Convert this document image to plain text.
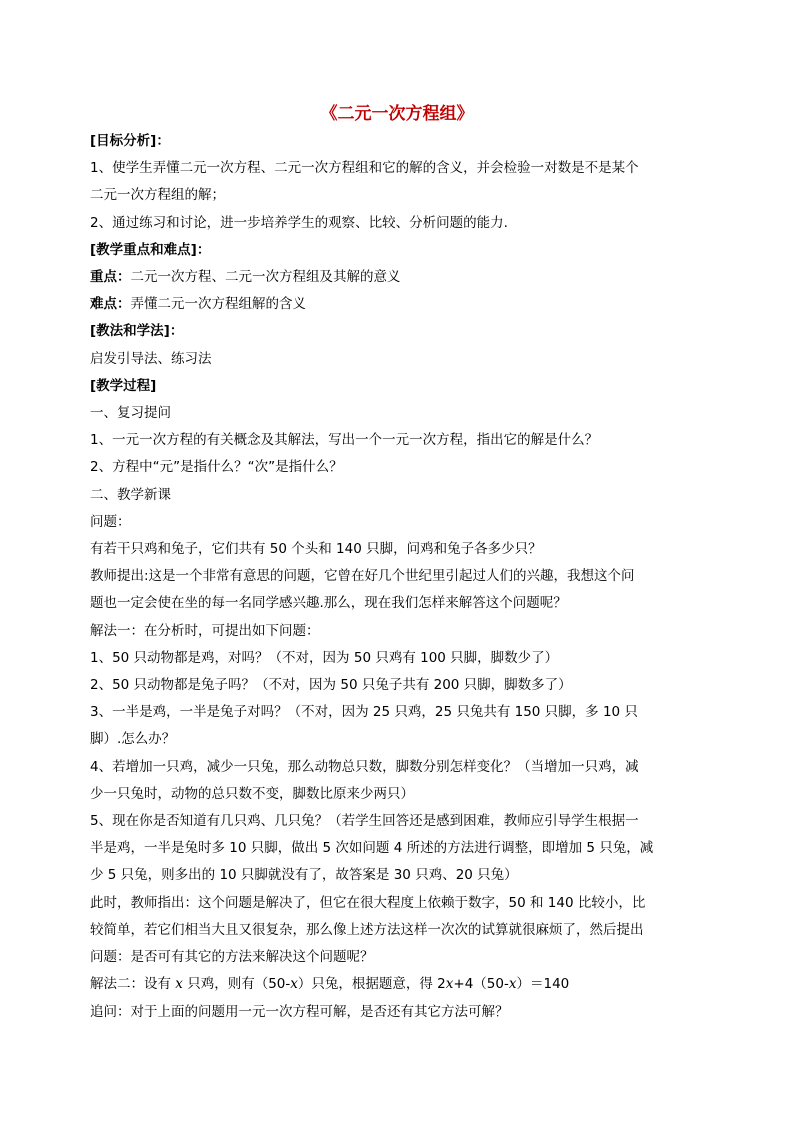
《二元一次方程组》

[目标分析]：

1、使学生弄懂二元一次方程、二元一次方程组和它的解的含义，并会检验一对数是不是某个

二元一次方程组的解；

2、通过练习和讨论，进一步培养学生的观察、比较、分析问题的能力.

[教学重点和难点]：

重点：二元一次方程、二元一次方程组及其解的意义

难点：弄懂二元一次方程组解的含义

[教法和学法]：

启发引导法、练习法

[教学过程]

一、复习提问

1、一元一次方程的有关概念及其解法，写出一个一元一次方程，指出它的解是什么？

2、方程中“元”是指什么？“次”是指什么？

二、教学新课

问题：

有若干只鸡和兔子，它们共有 50 个头和 140 只脚，问鸡和兔子各多少只？

教师提出:这是一个非常有意思的问题，它曾在好几个世纪里引起过人们的兴趣，我想这个问

题也一定会使在坐的每一名同学感兴趣.那么，现在我们怎样来解答这个问题呢？

解法一：在分析时，可提出如下问题：

1、50 只动物都是鸡，对吗？（不对，因为 50 只鸡有 100 只脚，脚数少了）

2、50 只动物都是兔子吗？（不对，因为 50 只兔子共有 200 只脚，脚数多了）

3、一半是鸡，一半是兔子对吗？（不对，因为 25 只鸡，25 只兔共有 150 只脚，多 10 只

脚）.怎么办？

4、若增加一只鸡，减少一只兔，那么动物总只数，脚数分别怎样变化？（当增加一只鸡，减

少一只兔时，动物的总只数不变，脚数比原来少两只）

5、现在你是否知道有几只鸡、几只兔？（若学生回答还是感到困难，教师应引导学生根据一

半是鸡，一半是兔时多 10 只脚，做出 5 次如问题 4 所述的方法进行调整，即增加 5 只兔，减

少 5 只兔，则多出的 10 只脚就没有了，故答案是 30 只鸡、20 只兔）

此时，教师指出：这个问题是解决了，但它在很大程度上依赖于数字，50 和 140 比较小，比

较简单，若它们相当大且又很复杂，那么像上述方法这样一次次的试算就很麻烦了，然后提出

问题：是否可有其它的方法来解决这个问题呢？

解法二：设有 x 只鸡，则有（50-x）只兔，根据题意，得 2x+4（50-x）＝140

追问：对于上面的问题用一元一次方程可解，是否还有其它方法可解？
